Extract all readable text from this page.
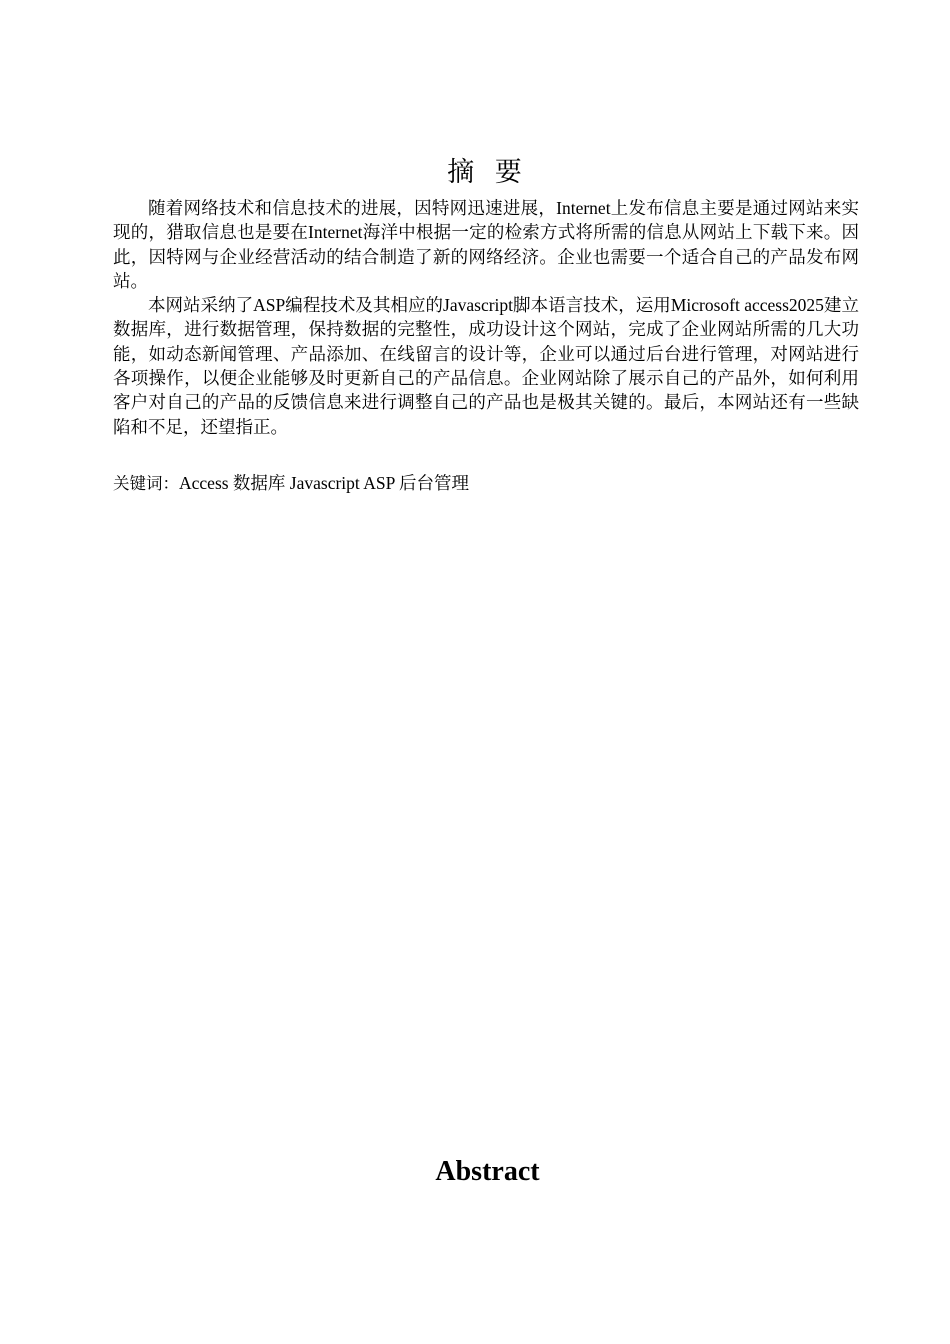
摘 要

随着网络技术和信息技术的进展，因特网迅速进展，Internet上发布信息主要是通过网站来实现的，猎取信息也是要在Internet海洋中根据一定的检索方式将所需的信息从网站上下载下来。因此，因特网与企业经营活动的结合制造了新的网络经济。企业也需要一个适合自己的产品发布网站。

本网站采纳了ASP编程技术及其相应的Javascript脚本语言技术，运用Microsoft access2025建立数据库，进行数据管理，保持数据的完整性，成功设计这个网站，完成了企业网站所需的几大功能，如动态新闻管理、产品添加、在线留言的设计等，企业可以通过后台进行管理，对网站进行各项操作，以便企业能够及时更新自己的产品信息。企业网站除了展示自己的产品外，如何利用客户对自己的产品的反馈信息来进行调整自己的产品也是极其关键的。最后，本网站还有一些缺陷和不足，还望指正。

关键词：Access 数据库 Javascript ASP 后台管理
Abstract
